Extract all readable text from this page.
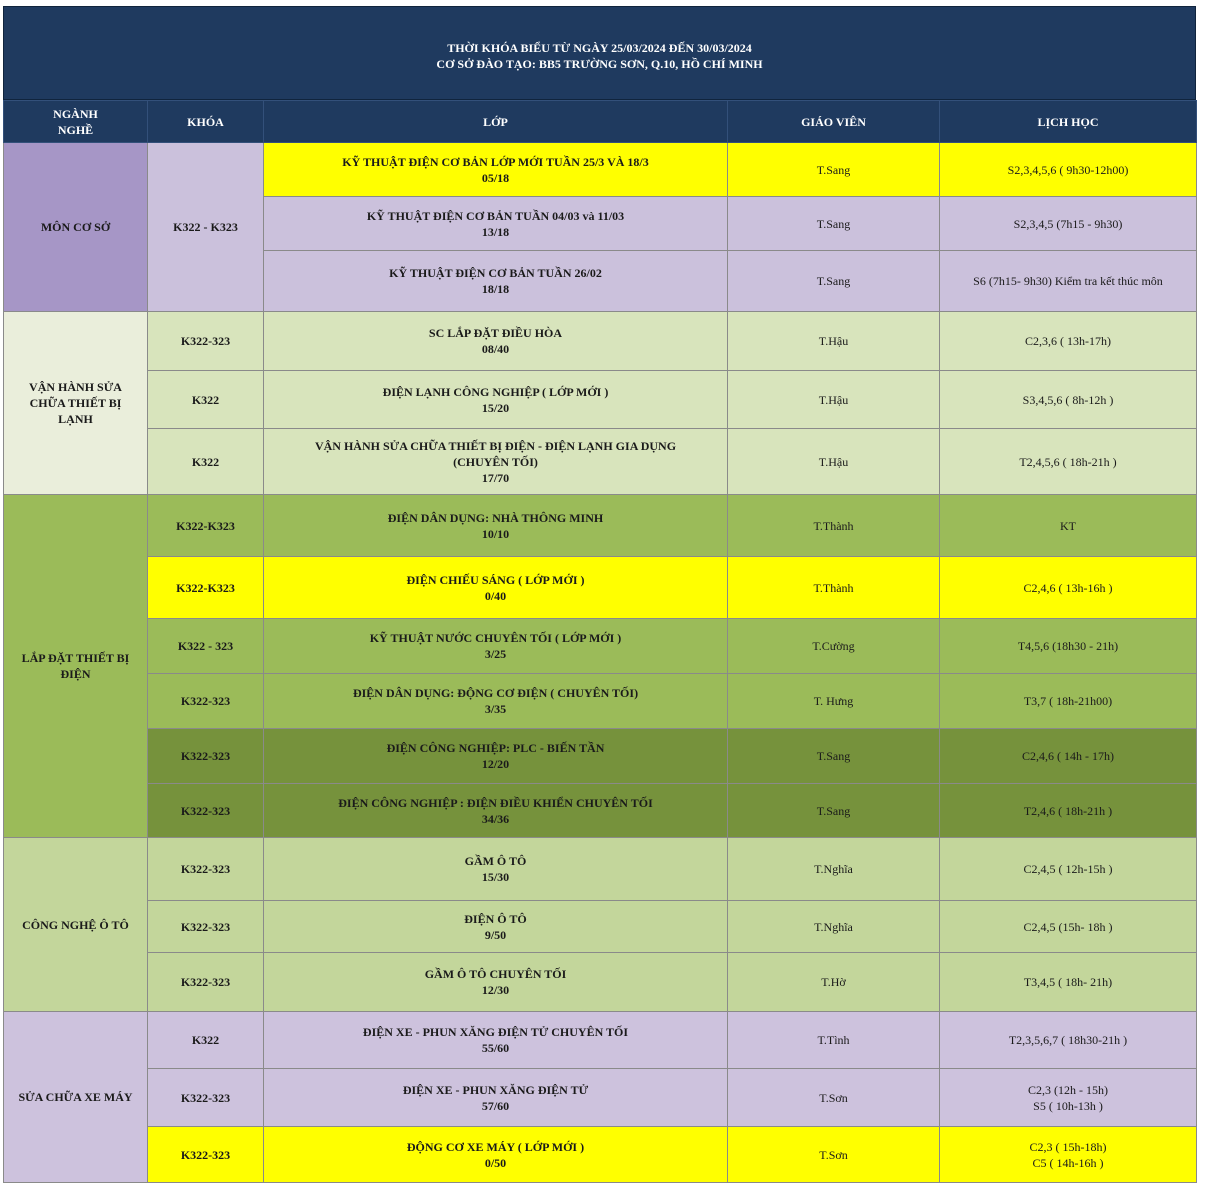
THỜI KHÓA BIỂU TỪ NGÀY 25/03/2024 ĐẾN 30/03/2024
CƠ SỞ ĐÀO TẠO: BB5 TRƯỜNG SƠN, Q.10, HỒ CHÍ MINH
NGÀNH NGHỀ	KHÓA	LỚP	GIÁO VIÊN	LỊCH HỌC
MÔN CƠ SỞ	K322 - K323	KỸ THUẬT ĐIỆN CƠ BẢN LỚP MỚI TUẦN 25/3 VÀ 18/3
05/18	T.Sang	S2,3,4,5,6 ( 9h30-12h00)

		KỸ THUẬT ĐIỆN CƠ BẢN TUẦN 04/03 và 11/03
13/18	T.Sang	S2,3,4,5 (7h15 - 9h30)

		KỸ THUẬT ĐIỆN CƠ BẢN TUẦN 26/02
18/18	T.Sang	S6 (7h15- 9h30) Kiểm tra kết thúc môn

VẬN HÀNH SỬA CHỮA THIẾT BỊ LẠNH	K322-323	SC LẮP ĐẶT ĐIỀU HÒA
08/40	T.Hậu	C2,3,6 ( 13h-17h)
	K322	ĐIỆN LẠNH CÔNG NGHIỆP ( LỚP MỚI )
15/20	T.Hậu	S3,4,5,6 ( 8h-12h )
	K322	VẬN HÀNH SỬA CHỮA THIẾT BỊ ĐIỆN - ĐIỆN LẠNH GIA DỤNG
(CHUYÊN TỐI)
17/70	T.Hậu	T2,4,5,6 ( 18h-21h )

LẮP ĐẶT THIẾT BỊ ĐIỆN	K322-K323	ĐIỆN DÂN DỤNG: NHÀ THÔNG MINH
10/10	T.Thành	KT
	K322-K323	ĐIỆN CHIẾU SÁNG ( LỚP MỚI )
0/40	T.Thành	C2,4,6 ( 13h-16h )
	K322 - 323	KỸ THUẬT NƯỚC CHUYÊN TỐI ( LỚP MỚI )
3/25	T.Cường	T4,5,6 (18h30 - 21h)
	K322-323	ĐIỆN DÂN DỤNG: ĐỘNG CƠ ĐIỆN ( CHUYÊN TỐI)
3/35	T. Hưng	T3,7 ( 18h-21h00)
	K322-323	ĐIỆN CÔNG NGHIỆP: PLC - BIẾN TẦN
12/20	T.Sang	C2,4,6 ( 14h - 17h)
	K322-323	ĐIỆN CÔNG NGHIỆP : ĐIỆN ĐIỀU KHIỂN CHUYÊN TỐI
34/36	T.Sang	T2,4,6 ( 18h-21h )
CÔNG NGHỆ Ô TÔ	K322-323	GẦM Ô TÔ
15/30	T.Nghĩa	C2,4,5 ( 12h-15h )
	K322-323	ĐIỆN Ô TÔ
9/50	T.Nghĩa	C2,4,5 (15h- 18h )
	K322-323	GẦM Ô TÔ CHUYÊN TỐI
12/30	T.Hờ	T3,4,5 ( 18h- 21h)
SỬA CHỮA XE MÁY	K322	ĐIỆN XE - PHUN XĂNG ĐIỆN TỬ CHUYÊN TỐI
55/60	T.Tình	T2,3,5,6,7 ( 18h30-21h )
	K322-323	ĐIỆN XE - PHUN XĂNG ĐIỆN TỬ
57/60	T.Sơn	C2,3 (12h - 15h)
S5 ( 10h-13h )

	K322-323	ĐỘNG CƠ XE MÁY ( LỚP MỚI )
0/50	T.Sơn	C2,3 ( 15h-18h)
C5 ( 14h-16h )
